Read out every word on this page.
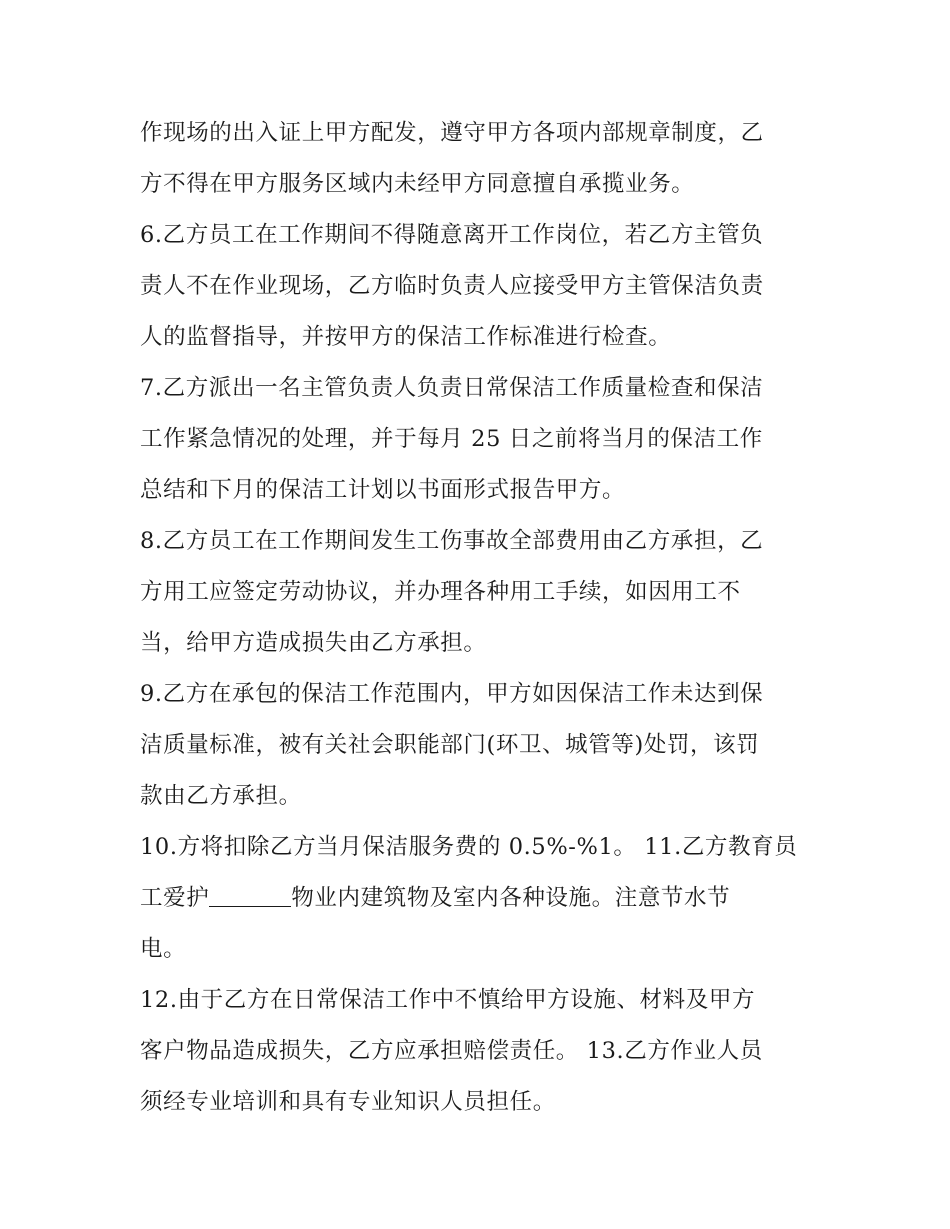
作现场的出入证上甲方配发，遵守甲方各项内部规章制度，乙
方不得在甲方服务区域内未经甲方同意擅自承揽业务。
6.乙方员工在工作期间不得随意离开工作岗位，若乙方主管负
责人不在作业现场，乙方临时负责人应接受甲方主管保洁负责
人的监督指导，并按甲方的保洁工作标准进行检查。
7.乙方派出一名主管负责人负责日常保洁工作质量检查和保洁
工作紧急情况的处理，并于每月 25 日之前将当月的保洁工作
总结和下月的保洁工计划以书面形式报告甲方。
8.乙方员工在工作期间发生工伤事故全部费用由乙方承担，乙
方用工应签定劳动协议，并办理各种用工手续，如因用工不
当，给甲方造成损失由乙方承担。
9.乙方在承包的保洁工作范围内，甲方如因保洁工作未达到保
洁质量标准，被有关社会职能部门(环卫、城管等)处罚，该罚
款由乙方承担。
10.方将扣除乙方当月保洁服务费的 0.5%-%1。 11.乙方教育员
工爱护	物业内建筑物及室内各种设施。注意节水节
电。
12.由于乙方在日常保洁工作中不慎给甲方设施、材料及甲方
客户物品造成损失，乙方应承担赔偿责任。 13.乙方作业人员
须经专业培训和具有专业知识人员担任。
